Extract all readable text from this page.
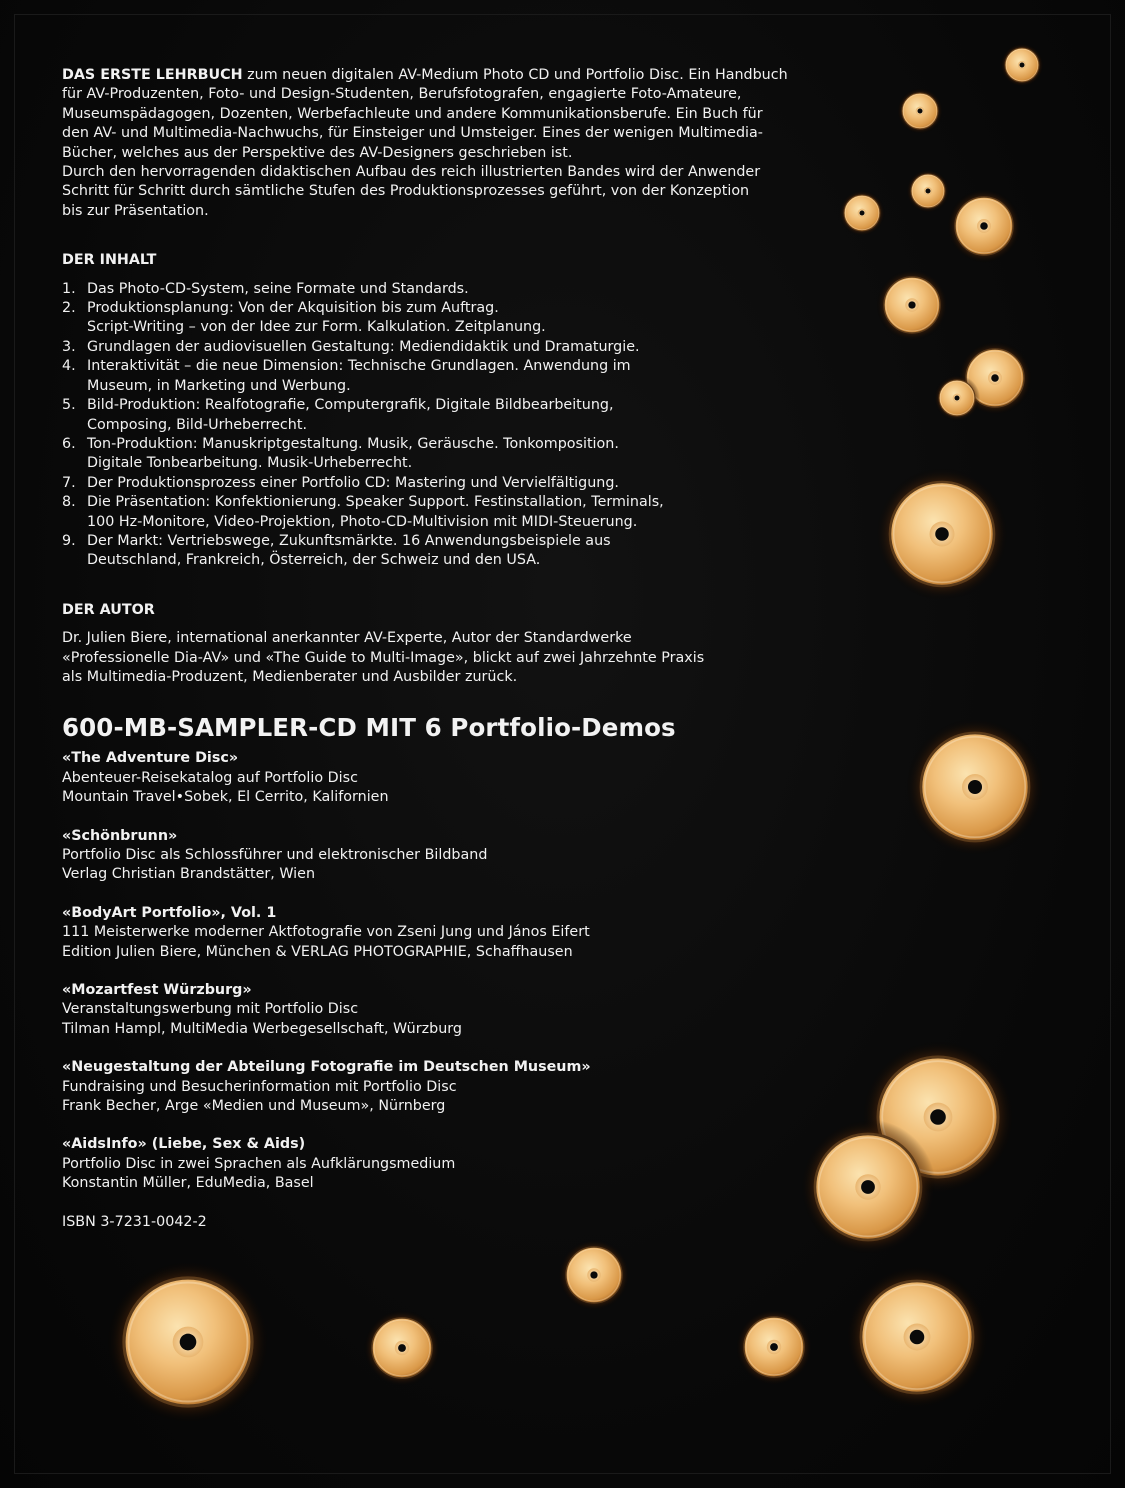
DAS ERSTE LEHRBUCH zum neuen digitalen AV-Medium Photo CD und Portfolio Disc. Ein Handbuch
für AV-Produzenten, Foto- und Design-Studenten, Berufsfotografen, engagierte Foto-Amateure,
Museumspädagogen, Dozenten, Werbefachleute und andere Kommunikationsberufe. Ein Buch für
den AV- und Multimedia-Nachwuchs, für Einsteiger und Umsteiger. Eines der wenigen Multimedia-
Bücher, welches aus der Perspektive des AV-Designers geschrieben ist.
Durch den hervorragenden didaktischen Aufbau des reich illustrierten Bandes wird der Anwender
Schritt für Schritt durch sämtliche Stufen des Produktionsprozesses geführt, von der Konzeption
bis zur Präsentation.

DER INHALT

1. Das Photo-CD-System, seine Formate und Standards.
2. Produktionsplanung: Von der Akquisition bis zum Auftrag.
Script-Writing – von der Idee zur Form. Kalkulation. Zeitplanung.
3. Grundlagen der audiovisuellen Gestaltung: Mediendidaktik und Dramaturgie.
4. Interaktivität – die neue Dimension: Technische Grundlagen. Anwendung im
Museum, in Marketing und Werbung.
5. Bild-Produktion: Realfotografie, Computergrafik, Digitale Bildbearbeitung,
Composing, Bild-Urheberrecht.
6. Ton-Produktion: Manuskriptgestaltung. Musik, Geräusche. Tonkomposition.
Digitale Tonbearbeitung. Musik-Urheberrecht.
7. Der Produktionsprozess einer Portfolio CD: Mastering und Vervielfältigung.
8. Die Präsentation: Konfektionierung. Speaker Support. Festinstallation, Terminals,
100 Hz-Monitore, Video-Projektion, Photo-CD-Multivision mit MIDI-Steuerung.
9. Der Markt: Vertriebswege, Zukunftsmärkte. 16 Anwendungsbeispiele aus
Deutschland, Frankreich, Österreich, der Schweiz und den USA.

DER AUTOR

Dr. Julien Biere, international anerkannter AV-Experte, Autor der Standardwerke
«Professionelle Dia-AV» und «The Guide to Multi-Image», blickt auf zwei Jahrzehnte Praxis
als Multimedia-Produzent, Medienberater und Ausbilder zurück.

600-MB-SAMPLER-CD MIT 6 Portfolio-Demos

«The Adventure Disc»
Abenteuer-Reisekatalog auf Portfolio Disc
Mountain Travel•Sobek, El Cerrito, Kalifornien
«Schönbrunn»
Portfolio Disc als Schlossführer und elektronischer Bildband
Verlag Christian Brandstätter, Wien
«BodyArt Portfolio», Vol. 1
111 Meisterwerke moderner Aktfotografie von Zseni Jung und János Eifert
Edition Julien Biere, München & VERLAG PHOTOGRAPHIE, Schaffhausen
«Mozartfest Würzburg»
Veranstaltungswerbung mit Portfolio Disc
Tilman Hampl, MultiMedia Werbegesellschaft, Würzburg
«Neugestaltung der Abteilung Fotografie im Deutschen Museum»
Fundraising und Besucherinformation mit Portfolio Disc
Frank Becher, Arge «Medien und Museum», Nürnberg
«AidsInfo» (Liebe, Sex & Aids)
Portfolio Disc in zwei Sprachen als Aufklärungsmedium
Konstantin Müller, EduMedia, Basel

ISBN 3-7231-0042-2
